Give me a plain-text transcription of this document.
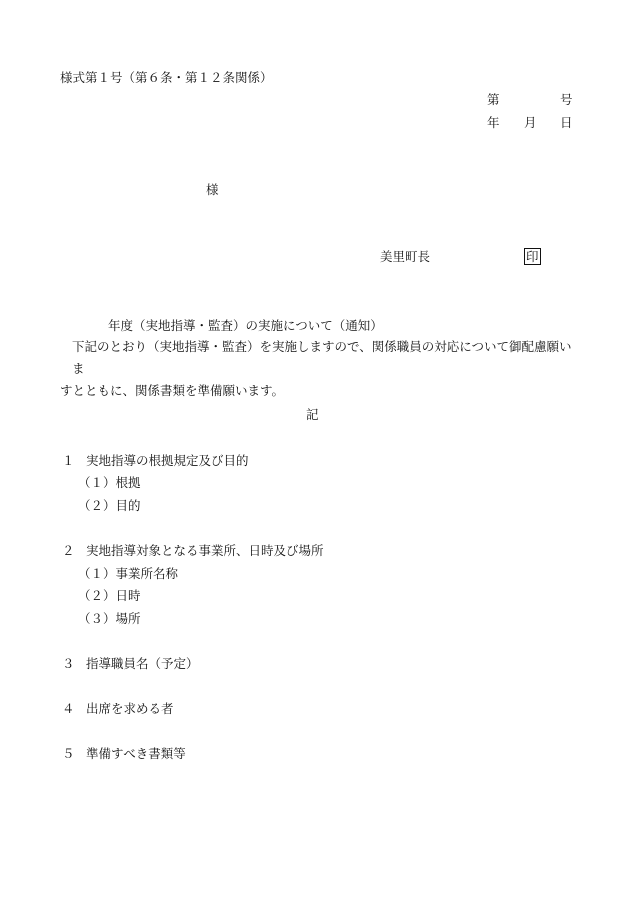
様式第１号（第６条・第１２条関係）
第	号
年 月 日
様
美里町長	印
年度（実地指導・監査）の実施について（通知）
下記のとおり（実地指導・監査）を実施しますので、関係職員の対応について御配慮願いま
すとともに、関係書類を準備願います。
記
１ 実地指導の根拠規定及び目的
（１）根拠
（２）目的
２ 実地指導対象となる事業所、日時及び場所
（１）事業所名称
（２）日時
（３）場所
３ 指導職員名（予定）
４ 出席を求める者
５ 準備すべき書類等
